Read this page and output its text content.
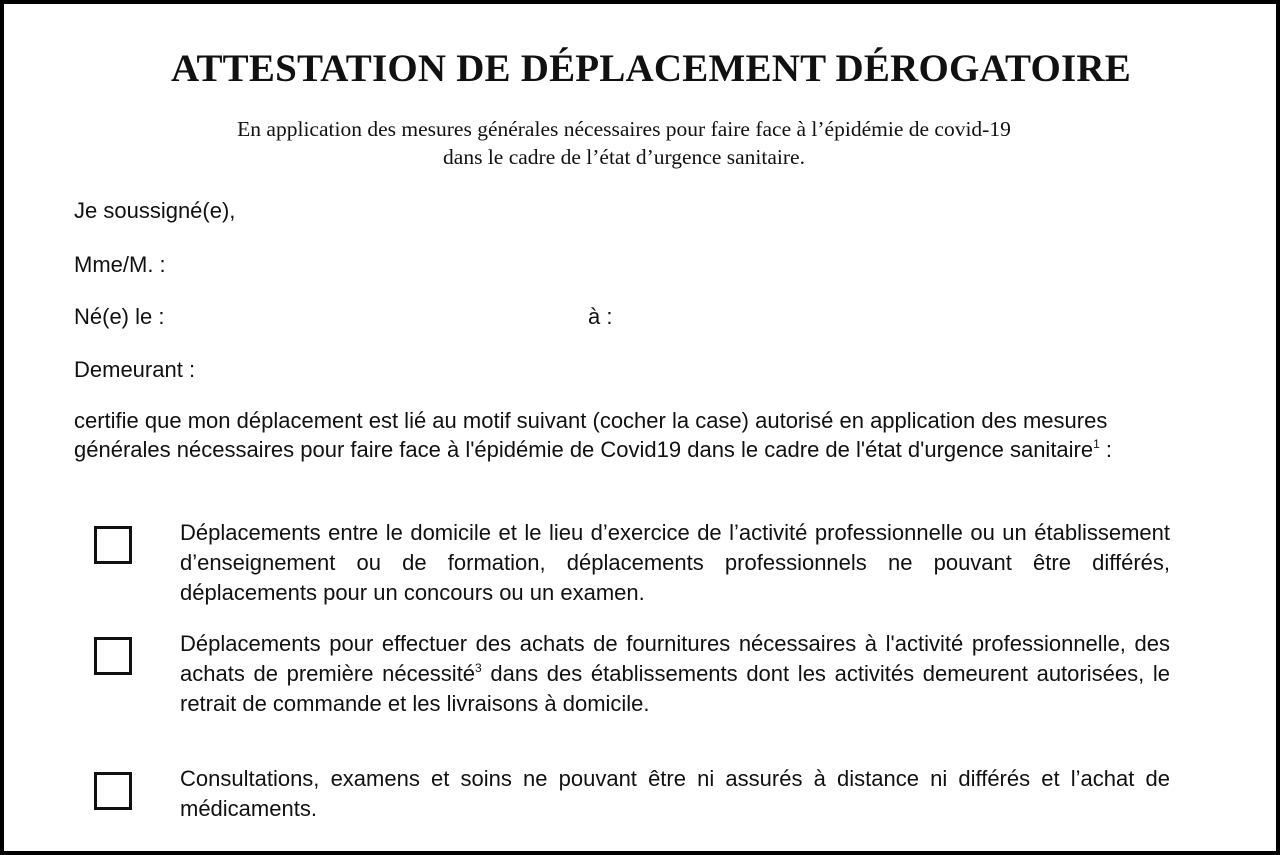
ATTESTATION DE DÉPLACEMENT DÉROGATOIRE
En application des mesures générales nécessaires pour faire face à l’épidémie de covid-19
dans le cadre de l’état d’urgence sanitaire.
Je soussigné(e),
Mme/M. :
Né(e) le :	à :
Demeurant :
certifie que mon déplacement est lié au motif suivant (cocher la case) autorisé en application des mesures générales nécessaires pour faire face à l'épidémie de Covid19 dans le cadre de l'état d'urgence sanitaire$^1$ :
Déplacements entre le domicile et le lieu d’exercice de l’activité professionnelle ou un établissement d’enseignement ou de formation, déplacements professionnels ne pouvant être différés, déplacements pour un concours ou un examen.
Déplacements pour effectuer des achats de fournitures nécessaires à l'activité professionnelle, des achats de première nécessité$^3$ dans des établissements dont les activités demeurent autorisées, le retrait de commande et les livraisons à domicile.
Consultations, examens et soins ne pouvant être ni assurés à distance ni différés et l’achat de médicaments.
